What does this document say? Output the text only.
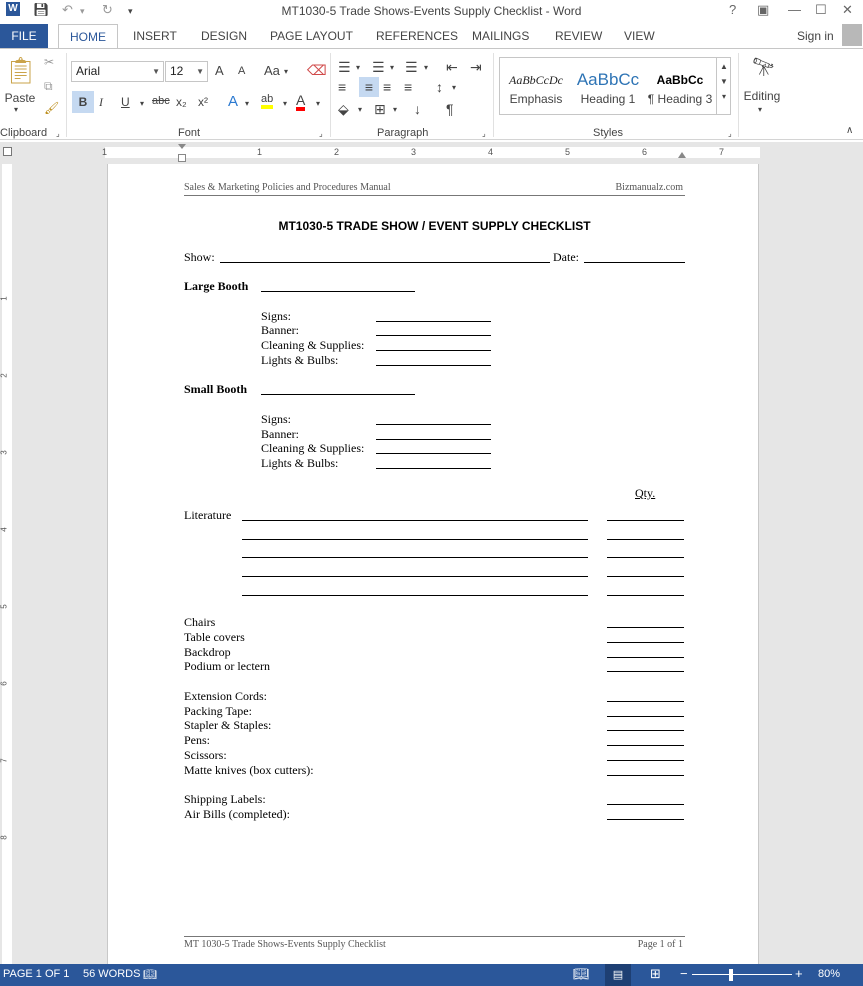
W 💾︎ ↶ ▾ ↻ ▾	MT1030-5 Trade Shows-Events Supply Checklist - Word	? ▣ — ☐ ✕
FILE	HOME	INSERT DESIGN PAGE LAYOUT REFERENCES MAILINGS REVIEW VIEW	Sign in
📋︎
Paste
▾
✂
⧉
🖌︎
Clipboard ⌟
Arial	▼ 12 ▼ A A Aa ▾ ⌫
B I U ▾ abc x₂ x² A ▾ ab ▾ A ▾
Font	⌟
☰ ▾ ☰ ▾ ☰ ▾ ⇤ ⇥
≡	≡ ≡ ≡ ↕ ▾
⬙ ▾ ⊞ ▾ ↓ ¶
Paragraph	⌟
AaBbCcDc
Emphasis
AaBbCc
Heading 1
AaBbCc
¶ Heading 3
▲
▼
▾
Styles	⌟
🔭︎
Editing
▾
∧
1	1	2	3	4	5	6	7
1
2
3
4
5
6
7
8
Sales & Marketing Policies and Procedures Manual	Bizmanualz.com
MT1030-5 TRADE SHOW / EVENT SUPPLY CHECKLIST
Show:	Date:
Large Booth
Signs:
Banner:
Cleaning & Supplies:
Lights & Bulbs:
Small Booth
Signs:
Banner:
Cleaning & Supplies:
Lights & Bulbs:
Qty.
Literature
Chairs
Table covers
Backdrop
Podium or lectern
Extension Cords:
Packing Tape:
Stapler & Staples:
Pens:
Scissors:
Matte knives (box cutters):
Shipping Labels:
Air Bills (completed):
MT 1030-5 Trade Shows-Events Supply Checklist	Page 1 of 1
PAGE 1 OF 1 56 WORDS 📖︎	📖︎	▤	⊞ −	+ 80%
